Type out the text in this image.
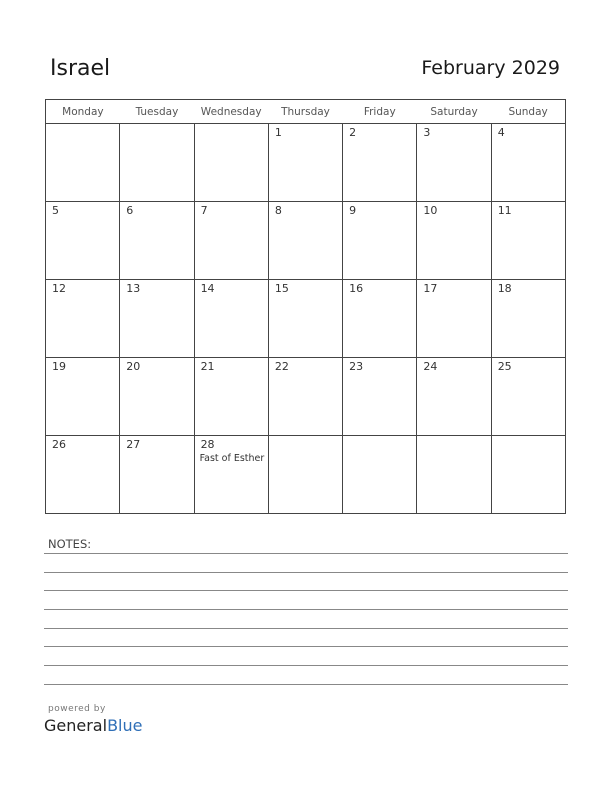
Israel	February 2029
Monday	Tuesday	Wednesday	Thursday	Friday	Saturday	Sunday

			1	2	3	4

5	6	7	8	9	10	11

12	13	14	15	16	17	18

19	20	21	22	23	24	25

26	27	28
Fast of Esther				

NOTES:
powered by
GeneralBlue
